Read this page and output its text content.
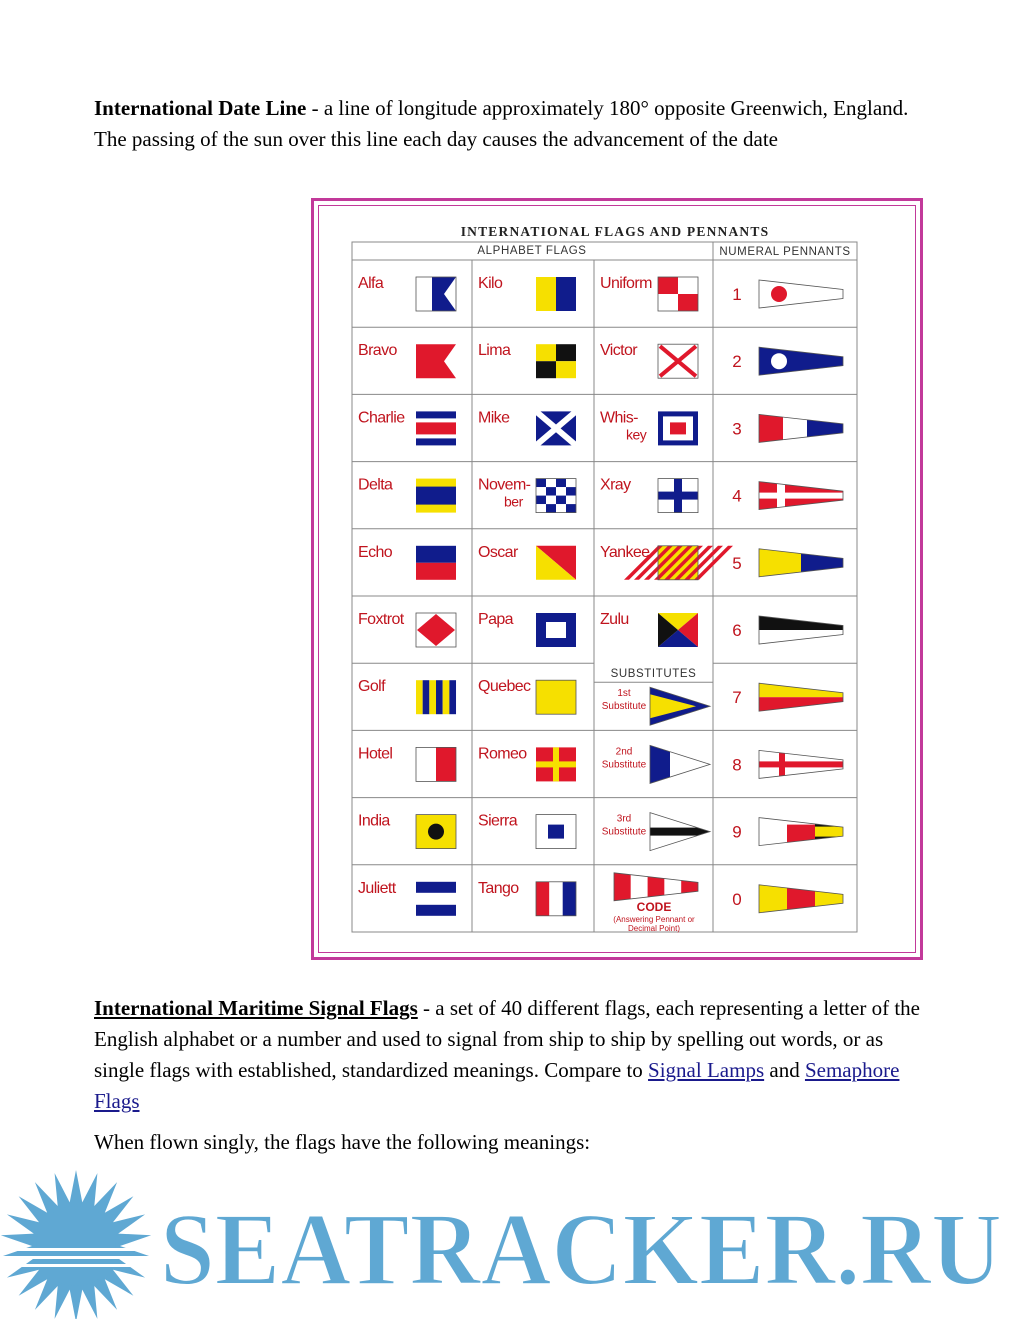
International Date Line - a line of longitude approximately 180° opposite Greenwich, England. The passing of the sun over this line each day causes the advancement of the date

INTERNATIONAL FLAGS AND PENNANTS
ALPHABET FLAGS	NUMERAL PENNANTS
SUBSTITUTES
Alfa
Bravo
Charlie
Delta
Echo
Foxtrot
Golf
Hotel
India
Juliett
Kilo
Lima
Mike
Novem-
ber
Oscar
Papa
Quebec
Romeo
Sierra
Tango
Uniform
Victor
Whis-
key
Xray
Yankee
Zulu
1st
Substitute
2nd
Substitute
3rd
Substitute
CODE
(Answering Pennant or
Decimal Point)
1
2
3
4
5
6
7
8
9
0

International Maritime Signal Flags - a set of 40 different flags, each representing a letter of the English alphabet or a number and used to signal from ship to ship by spelling out words, or as single flags with established, standardized meanings. Compare to Signal Lamps and Semaphore Flags

When flown singly, the flags have the following meanings:

SEATRACKER.RU
